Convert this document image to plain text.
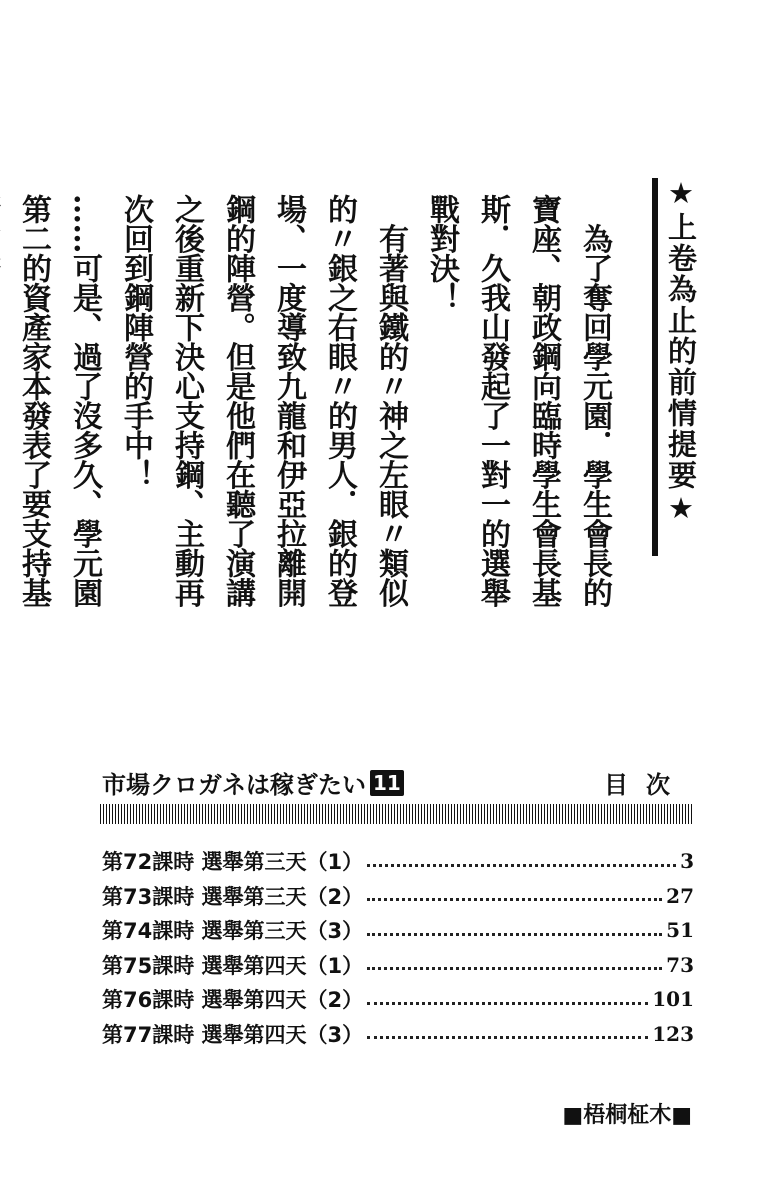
★上卷為止的前情提要★

　為了奪回學元園．學生會長的寶座、朝政鋼向臨時學生會長基斯．久我山發起了一對一的選舉戰對決！

　有著與鐵的〃神之左眼〃類似的〃銀之右眼〃的男人．銀的登場、一度導致九龍和伊亞拉離開鋼的陣營。但是他們在聽了演講之後重新下決心支持鋼、主動再次回到鋼陣營的手中！

……可是、過了沒多久、學元園第二的資產家本發表了要支持基

市場クロガネは稼ぎたい 11	目次
第72課時 選舉第三天（1）	3
第73課時 選舉第三天（2）	27
第74課時 選舉第三天（3）	51
第75課時 選舉第四天（1）	73
第76課時 選舉第四天（2）	101
第77課時 選舉第四天（3）	123
■梧桐柾木■
